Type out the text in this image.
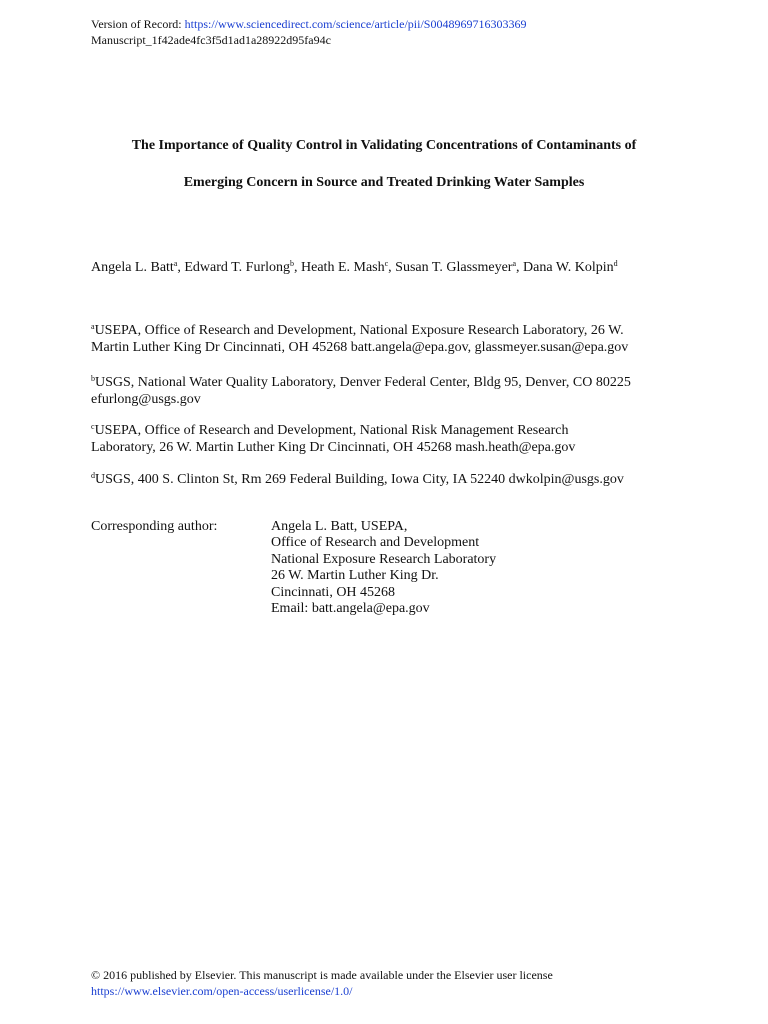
Version of Record: https://www.sciencedirect.com/science/article/pii/S0048969716303369
Manuscript_1f42ade4fc3f5d1ad1a28922d95fa94c
The Importance of Quality Control in Validating Concentrations of Contaminants of
Emerging Concern in Source and Treated Drinking Water Samples
Angela L. Batt$^a$, Edward T. Furlong$^b$, Heath E. Mash$^c$, Susan T. Glassmeyer$^a$, Dana W. Kolpin$^d$
$^a$USEPA, Office of Research and Development, National Exposure Research Laboratory, 26 W.
Martin Luther King Dr Cincinnati, OH 45268 batt.angela@epa.gov, glassmeyer.susan@epa.gov
$^b$USGS, National Water Quality Laboratory, Denver Federal Center, Bldg 95, Denver, CO 80225
efurlong@usgs.gov
$^c$USEPA, Office of Research and Development, National Risk Management Research
Laboratory, 26 W. Martin Luther King Dr Cincinnati, OH 45268 mash.heath@epa.gov
$^d$USGS, 400 S. Clinton St, Rm 269 Federal Building, Iowa City, IA 52240 dwkolpin@usgs.gov
Corresponding author:	Angela L. Batt, USEPA,
Office of Research and Development
National Exposure Research Laboratory
26 W. Martin Luther King Dr.
Cincinnati, OH 45268
Email: batt.angela@epa.gov
© 2016 published by Elsevier. This manuscript is made available under the Elsevier user license
https://www.elsevier.com/open-access/userlicense/1.0/
